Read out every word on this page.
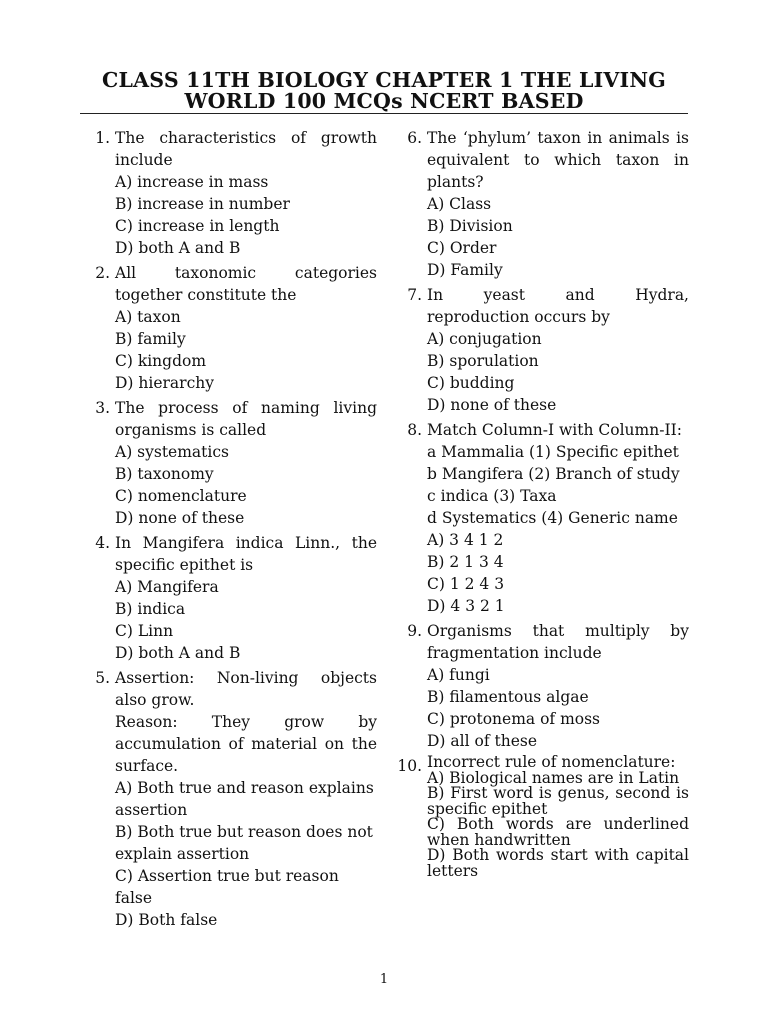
CLASS 11TH BIOLOGY CHAPTER 1 THE LIVING
WORLD 100 MCQs NCERT BASED
1. The characteristics of growth include
A) increase in mass
B) increase in number
C) increase in length
D) both A and B
2. All taxonomic categories together constitute the
A) taxon
B) family
C) kingdom
D) hierarchy
3. The process of naming living organisms is called
A) systematics
B) taxonomy
C) nomenclature
D) none of these
4. In Mangifera indica Linn., the specific epithet is
A) Mangifera
B) indica
C) Linn
D) both A and B
5. Assertion: Non-living objects also grow.
Reason: They grow by accumulation of material on the surface.
A) Both true and reason explains assertion
B) Both true but reason does not explain assertion
C) Assertion true but reason false
D) Both false
6. The ‘phylum’ taxon in animals is equivalent to which taxon in plants?
A) Class
B) Division
C) Order
D) Family
7. In yeast and Hydra, reproduction occurs by
A) conjugation
B) sporulation
C) budding
D) none of these
8. Match Column-I with Column-II:
a Mammalia (1) Specific epithet
b Mangifera (2) Branch of study
c indica (3) Taxa
d Systematics (4) Generic name
A) 3 4 1 2
B) 2 1 3 4
C) 1 2 4 3
D) 4 3 2 1
9. Organisms that multiply by fragmentation include
A) fungi
B) filamentous algae
C) protonema of moss
D) all of these
10. Incorrect rule of nomenclature:
A) Biological names are in Latin
B) First word is genus, second is specific epithet
C) Both words are underlined when handwritten
D) Both words start with capital letters
1
